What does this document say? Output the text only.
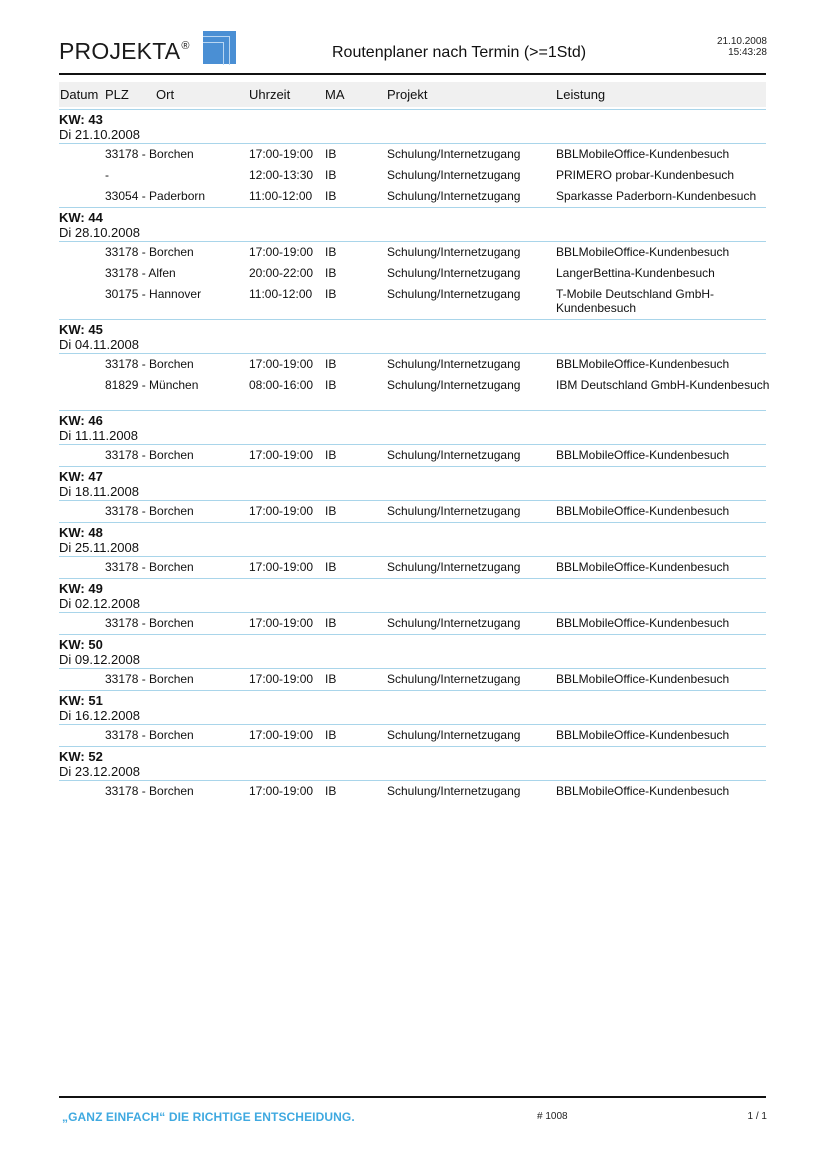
PROJEKTA®	Routenplaner nach Termin (>=1Std)
21.10.2008
15:43:28
Datum PLZ Ort	Uhrzeit	MA	Projekt	Leistung
KW: 43
Di 21.10.2008
33178 - Borchen	17:00-19:00 IB	Schulung/Internetzugang	BBLMobileOffice-Kundenbesuch
-	12:00-13:30 IB	Schulung/Internetzugang	PRIMERO probar-Kundenbesuch
33054 - Paderborn	11:00-12:00 IB	Schulung/Internetzugang	Sparkasse Paderborn-Kundenbesuch
KW: 44
Di 28.10.2008
33178 - Borchen	17:00-19:00 IB	Schulung/Internetzugang	BBLMobileOffice-Kundenbesuch
33178 - Alfen	20:00-22:00 IB	Schulung/Internetzugang	LangerBettina-Kundenbesuch
30175 - Hannover	11:00-12:00 IB	Schulung/Internetzugang	T-Mobile Deutschland GmbH-Kundenbesuch
KW: 45
Di 04.11.2008
33178 - Borchen	17:00-19:00 IB	Schulung/Internetzugang	BBLMobileOffice-Kundenbesuch
81829 - München	08:00-16:00 IB	Schulung/Internetzugang	IBM Deutschland GmbH-Kundenbesuch
KW: 46
Di 11.11.2008
33178 - Borchen	17:00-19:00 IB	Schulung/Internetzugang	BBLMobileOffice-Kundenbesuch
KW: 47
Di 18.11.2008
33178 - Borchen	17:00-19:00 IB	Schulung/Internetzugang	BBLMobileOffice-Kundenbesuch
KW: 48
Di 25.11.2008
33178 - Borchen	17:00-19:00 IB	Schulung/Internetzugang	BBLMobileOffice-Kundenbesuch
KW: 49
Di 02.12.2008
33178 - Borchen	17:00-19:00 IB	Schulung/Internetzugang	BBLMobileOffice-Kundenbesuch
KW: 50
Di 09.12.2008
33178 - Borchen	17:00-19:00 IB	Schulung/Internetzugang	BBLMobileOffice-Kundenbesuch
KW: 51
Di 16.12.2008
33178 - Borchen	17:00-19:00 IB	Schulung/Internetzugang	BBLMobileOffice-Kundenbesuch
KW: 52
Di 23.12.2008
33178 - Borchen	17:00-19:00 IB	Schulung/Internetzugang	BBLMobileOffice-Kundenbesuch
„GANZ EINFACH“ DIE RICHTIGE ENTSCHEIDUNG.	# 1008	1 / 1
